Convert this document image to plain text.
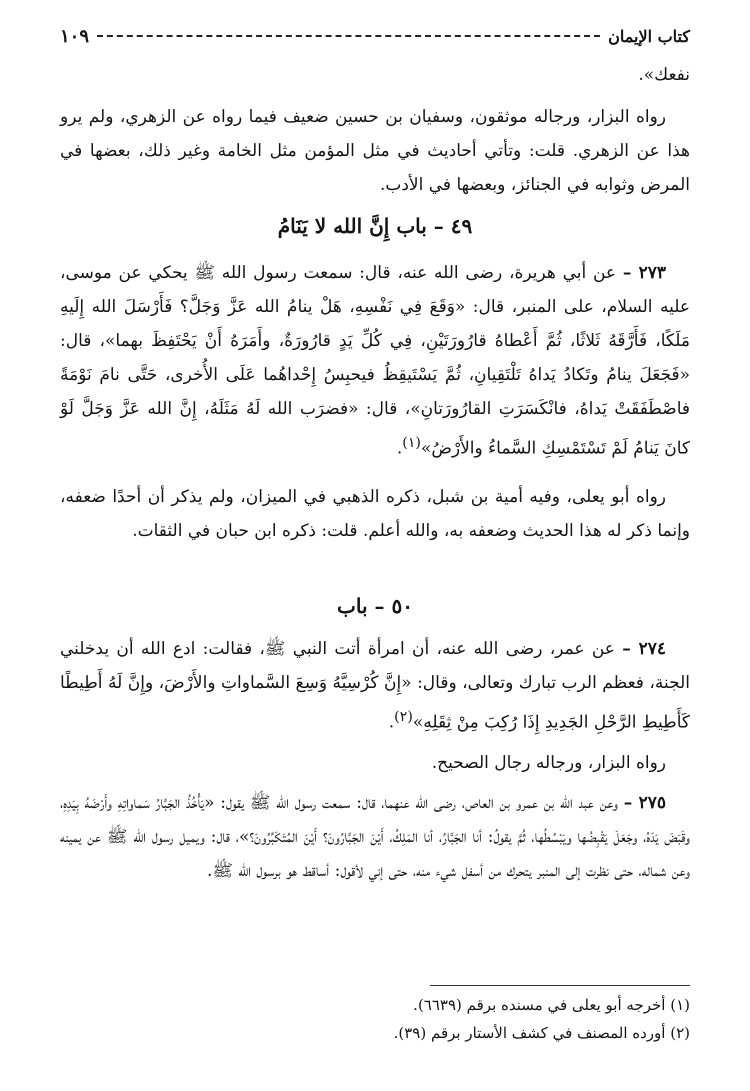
كتاب الإيمان
١٠٩

نفعك».

رواه البزار، ورجاله موثقون، وسفيان بن حسين ضعيف فيما رواه عن الزهري، ولم يرو هذا عن الزهري. قلت: وتأتي أحاديث في مثل المؤمن مثل الخامة وغير ذلك، بعضها في المرض وثوابه في الجنائز، وبعضها في الأدب.

٤٩ – باب إِنَّ الله لا يَنَامُ

٢٧٣ – عن أبي هريرة، رضى الله عنه، قال: سمعت رسول الله ﷺ يحكي عن موسى، عليه السلام، على المنبر، قال: «وَقَعَ فِي نَفْسِهِ، هَلْ ينامُ الله عَزَّ وَجَلَّ؟ فَأَرْسَلَ الله إِلَيهِ مَلَكًا، فَأَرَّقَهُ ثَلاثًا، ثُمَّ أَعْطاهُ قارُورَتَيْنِ، فِي كُلِّ يَدٍ قارُورَةٌ، وأَمَرَهُ أَنْ يَحْتَفِظَ بهما»، قال: «فَجَعَلَ ينامُ وتَكادُ يَداهُ تَلْتَقِيانِ، ثُمَّ يَسْتَيقِظُ فيحبِسُ إِحْداهُما عَلَى الأُخرى، حَتَّى نامَ نَوْمَةً فاصْطَفَقَتْ يَداهُ، فانْكَسَرَتِ القارُورَتانِ»، قال: «فضرَب الله لَهُ مَثَلَهُ، إِنَّ الله عَزَّ وَجَلَّ لَوْ كانَ يَنامُ لَمْ تَسْتَمْسِكِ السَّماءُ والأَرْضُ»$^{(١)}$.

رواه أبو يعلى، وفيه أمية بن شبل، ذكره الذهبي في الميزان، ولم يذكر أن أحدًا ضعفه، وإنما ذكر له هذا الحديث وضعفه به، والله أعلم. قلت: ذكره ابن حبان في الثقات.

٥٠ – باب

٢٧٤ – عن عمر، رضى الله عنه، أن امرأة أتت النبي ﷺ، فقالت: ادع الله أن يدخلني الجنة، فعظم الرب تبارك وتعالى، وقال: «إِنَّ كُرْسِيَّهُ وَسِعَ السَّماواتِ والأَرْضَ، وإِنَّ لَهُ أَطِيطًا كَأَطِيطِ الرَّحْلِ الجَدِيدِ إِذَا رُكِبَ مِنْ ثِقَلِهِ»$^{(٢)}$.

رواه البزار، ورجاله رجال الصحيح.

٢٧٥ – وعن عبد الله بن عمرو بن العاص، رضى الله عنهما، قال: سمعت رسول الله ﷺ يقول: «يَأْخُذُ الجَبَّارُ سَماواتِهِ وأَرْضَهُ بِيَدِهِ، وقَبَضَ يَدَهُ، وجَعَلَ يَقْبِضُها ويَبْسُطُها، ثُمَّ يقولُ: أنا الجَبَّارُ، أنا المَلِكُ، أَيْنَ الجَبَّارُونَ؟ أَيْنَ المُتَكَبِّرُونَ؟»، قال: ويميل رسول الله ﷺ عن يمينه وعن شماله، حتى نظرت إلى المنبر يتحرك من أسفل شيء منه، حتى إني لأقول: أساقط هو برسول الله ﷺ.

(١) أخرجه أبو يعلى في مسنده برقم (٦٦٣٩).
(٢) أورده المصنف في كشف الأستار برقم (٣٩).
